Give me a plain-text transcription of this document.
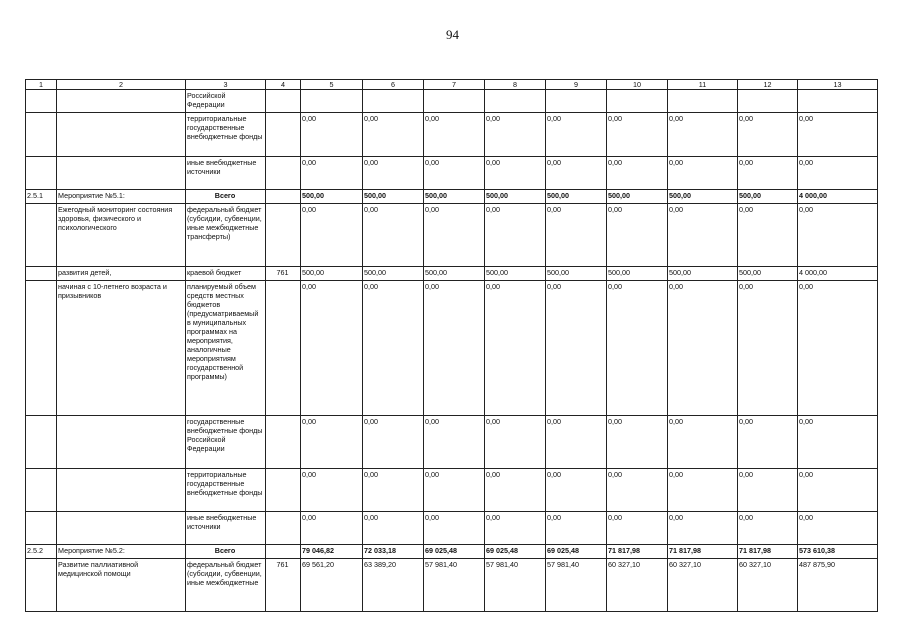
94
1	2	3	4	5	6	7	8	9	10	11	12	13
		Российской Федерации										
		территориальные государственные внебюджетные фонды		0,00	0,00	0,00	0,00	0,00	0,00	0,00	0,00	0,00
		иные внебюджетные источники		0,00	0,00	0,00	0,00	0,00	0,00	0,00	0,00	0,00
2.5.1	Мероприятие №5.1:	Всего		500,00	500,00	500,00	500,00	500,00	500,00	500,00	500,00	4 000,00
	Ежегодный мониторинг состояния здоровья, физического и психологического	федеральный бюджет (субсидии, субвенции, иные межбюджетные трансферты)		0,00	0,00	0,00	0,00	0,00	0,00	0,00	0,00	0,00
	развития детей,	краевой бюджет	761	500,00	500,00	500,00	500,00	500,00	500,00	500,00	500,00	4 000,00
	начиная с 10-летнего возраста и призывников	планируемый объем средств местных бюджетов (предусматриваемый в муниципальных программах на мероприятия, аналогичные мероприятиям государственной программы)		0,00	0,00	0,00	0,00	0,00	0,00	0,00	0,00	0,00
		государственные внебюджетные фонды Российской Федерации		0,00	0,00	0,00	0,00	0,00	0,00	0,00	0,00	0,00
		территориальные государственные внебюджетные фонды		0,00	0,00	0,00	0,00	0,00	0,00	0,00	0,00	0,00
		иные внебюджетные источники		0,00	0,00	0,00	0,00	0,00	0,00	0,00	0,00	0,00
2.5.2	Мероприятие №5.2:	Всего		79 046,82	72 033,18	69 025,48	69 025,48	69 025,48	71 817,98	71 817,98	71 817,98	573 610,38
	Развитие паллиативной медицинской помощи	федеральный бюджет (субсидии, субвенции, иные межбюджетные	761	69 561,20	63 389,20	57 981,40	57 981,40	57 981,40	60 327,10	60 327,10	60 327,10	487 875,90
